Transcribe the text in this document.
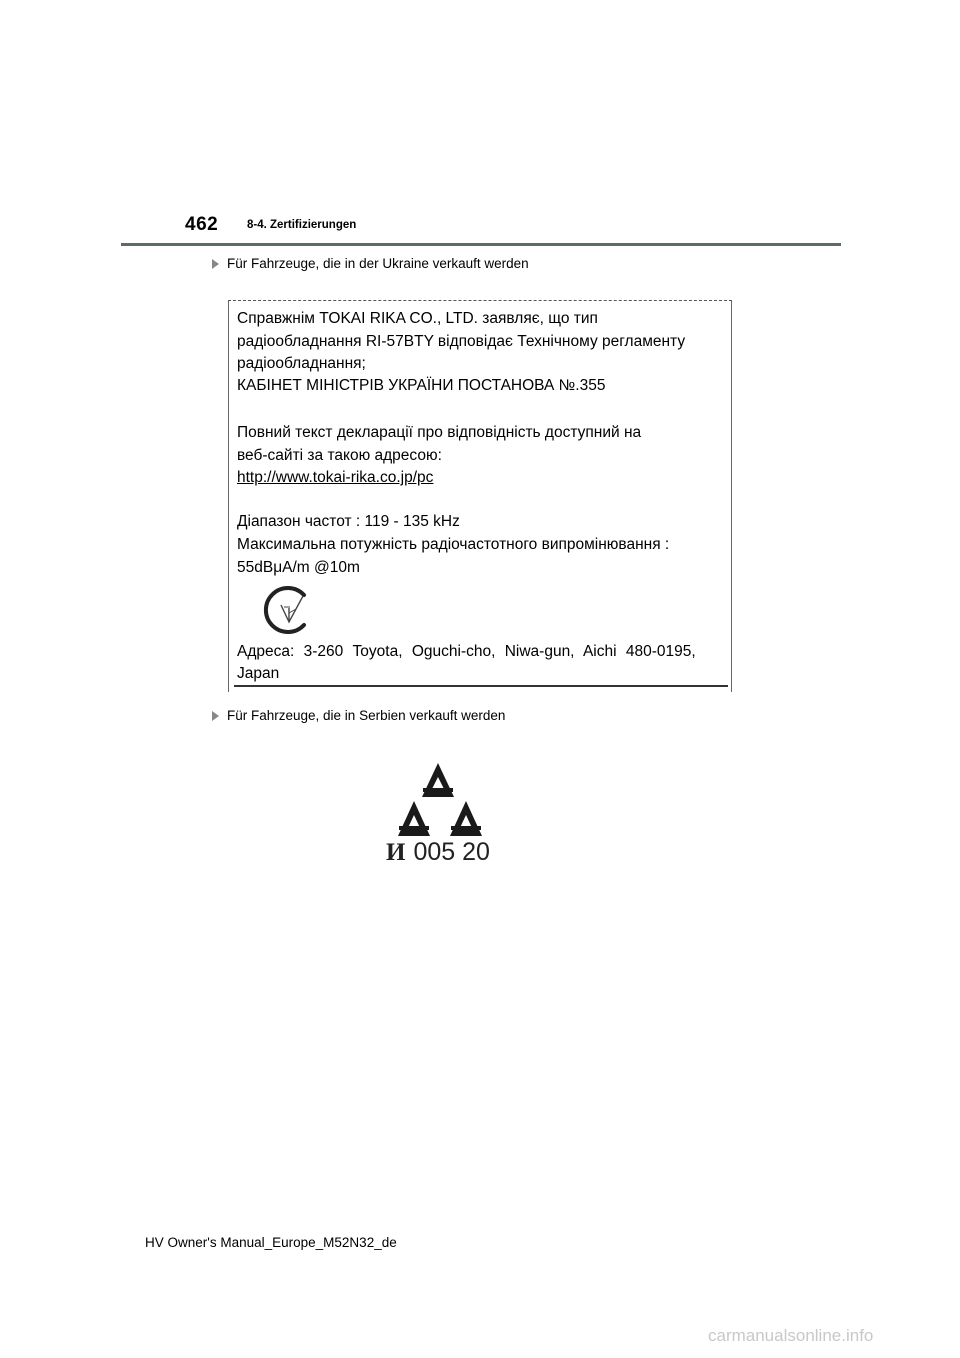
462	8-4. Zertifizierungen
Für Fahrzeuge, die in der Ukraine verkauft werden
Справжнім TOKAI RIKA CO., LTD. заявляє, що тип
радіообладнання RI-57BTY відповідає Технічному регламенту
радіообладнання;
КАБІНЕТ МІНІСТРІВ УКРАЇНИ ПОСТАНОВА №.355
Повний текст декларації про відповідність доступний на
веб-сайті за такою адресою:
http://www.tokai-rika.co.jp/pc
Діапазон частот : 119 - 135 kHz
Максимальна потужність радіочастотного випромінювання :
55dBμA/m @10m
Адреса: 3-260 Toyota, Oguchi-cho, Niwa-gun, Aichi 480-0195,
Japan
Für Fahrzeuge, die in Serbien verkauft werden
И 005 20
HV Owner's Manual_Europe_M52N32_de
carmanualsonline.info
